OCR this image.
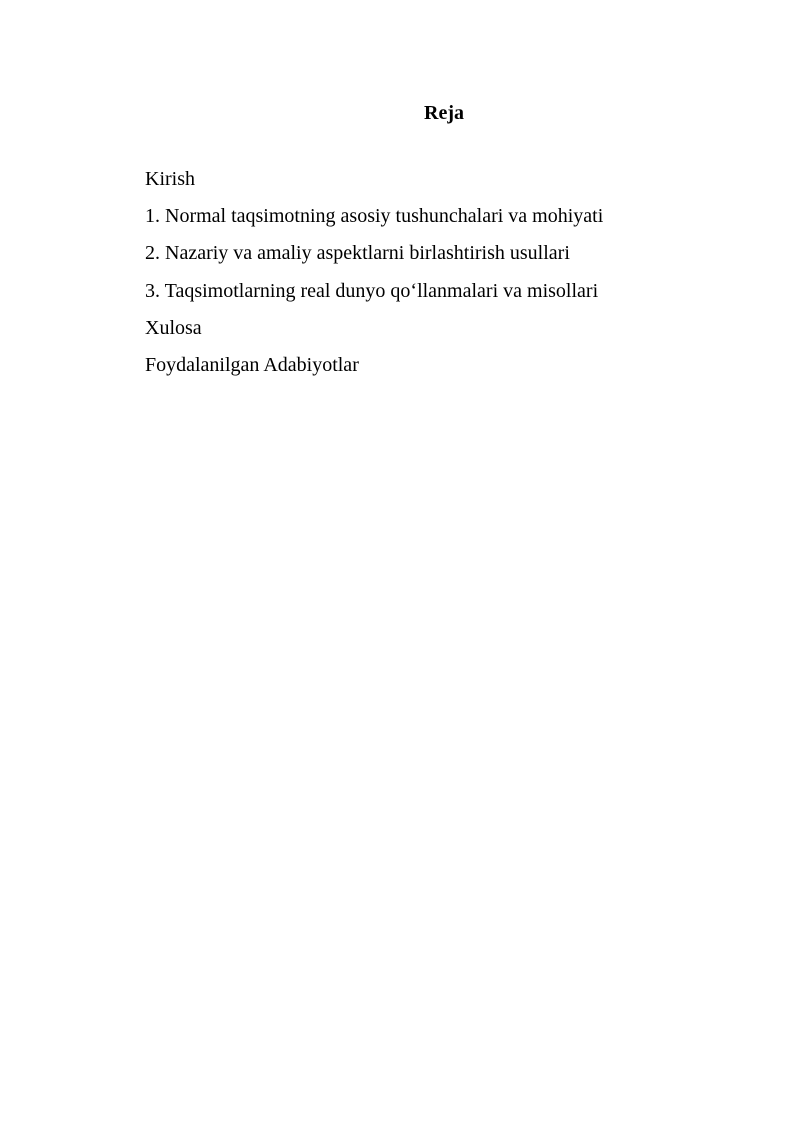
Reja
Kirish
1. Normal taqsimotning asosiy tushunchalari va mohiyati
2. Nazariy va amaliy aspektlarni birlashtirish usullari
3. Taqsimotlarning real dunyo qo‘llanmalari va misollari
Xulosa
Foydalanilgan Adabiyotlar
